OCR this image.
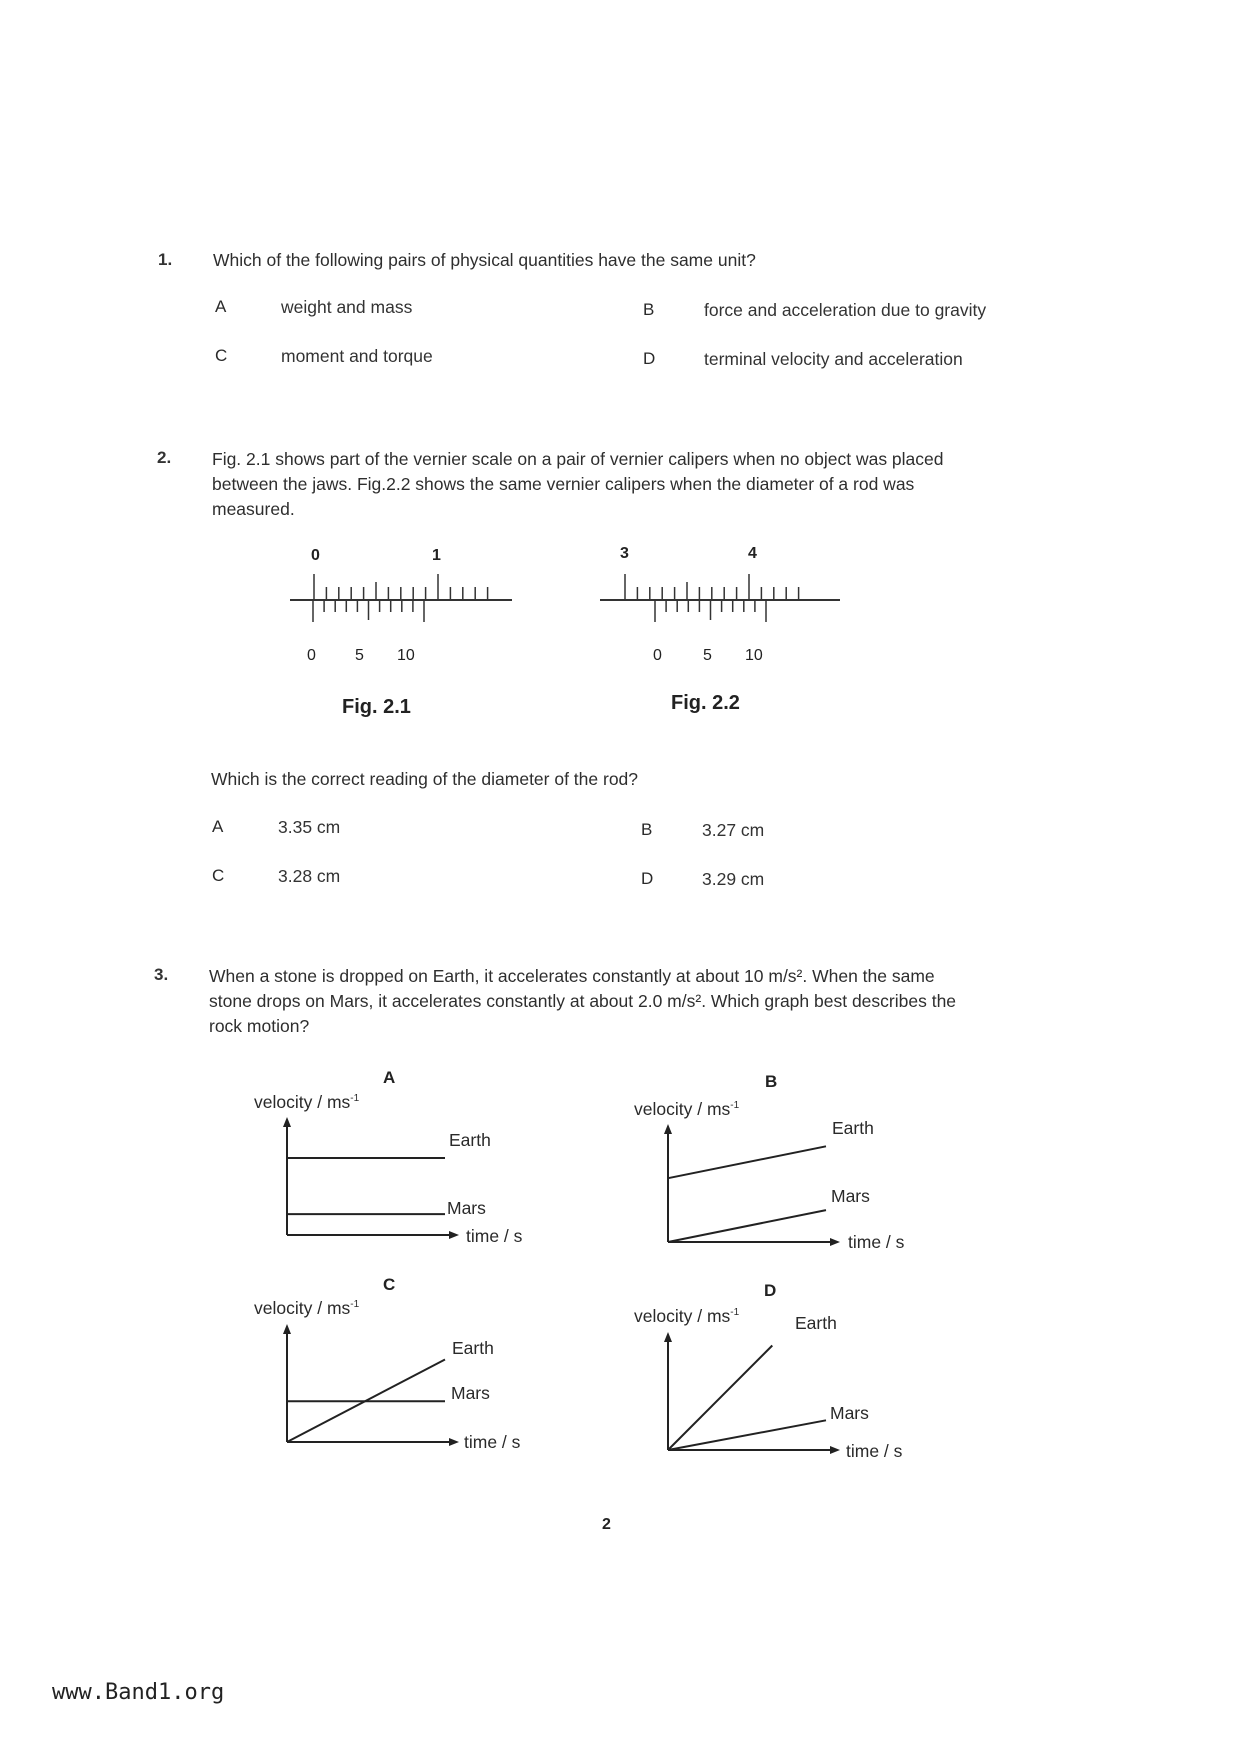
1. Which of the following pairs of physical quantities have the same unit?
A	weight and mass	B	force and acceleration due to gravity
C	moment and torque	D	terminal velocity and acceleration
2. Fig. 2.1 shows part of the vernier scale on a pair of vernier calipers when no object was placed
between the jaws. Fig.2.2 shows the same vernier calipers when the diameter of a rod was
measured.
0	1
0 5 10
Fig. 2.1
3	4
0	5 10
Fig. 2.2
Which is the correct reading of the diameter of the rod?
A	3.35 cm	B	3.27 cm
C	3.28 cm	D	3.29 cm
3. When a stone is dropped on Earth, it accelerates constantly at about 10 m/s². When the same
stone drops on Mars, it accelerates constantly at about 2.0 m/s². Which graph best describes the
rock motion?
A
velocity / $ms^{-1}$
Earth
Mars
time / s
B
velocity / $ms^{-1}$
Earth
Mars
time / s
C
velocity / $ms^{-1}$
Earth
Mars
time / s
D
velocity / $ms^{-1}$
Earth
Mars
time / s
2
www.Band1.org
